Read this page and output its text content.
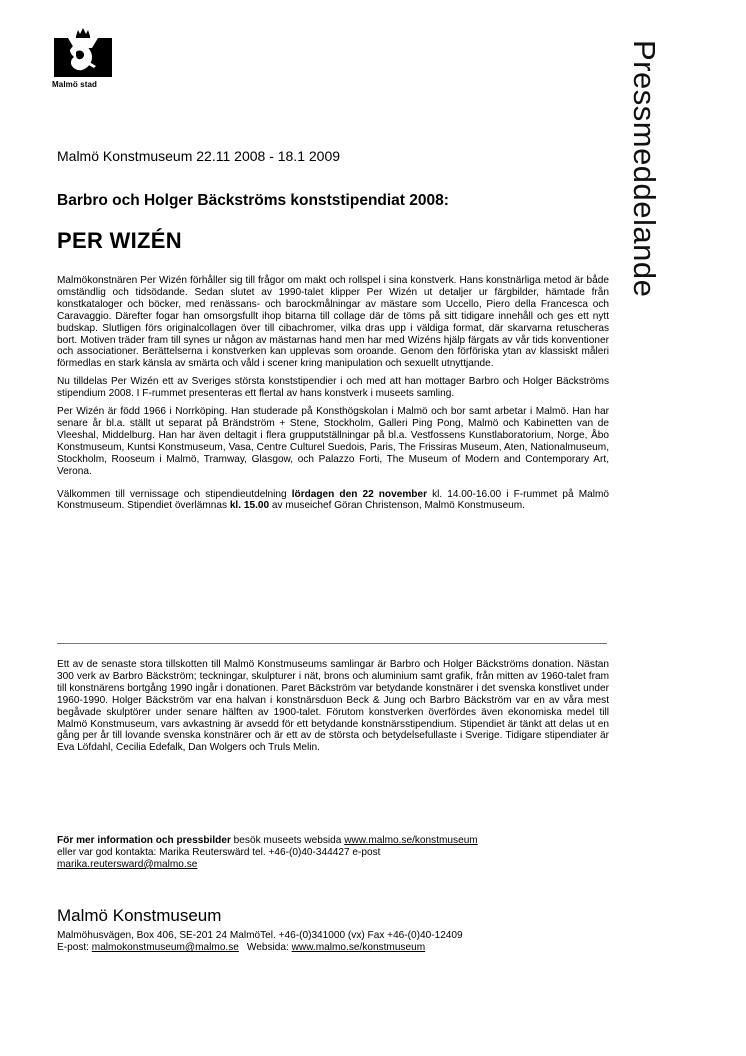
Malmö stad	Pressmeddelande
Malmö Konstmuseum 22.11 2008 - 18.1 2009
Barbro och Holger Bäckströms konststipendiat 2008:
PER WIZÉN

Malmökonstnären Per Wizén förhåller sig till frågor om makt och rollspel i sina konstverk. Hans konstnärliga metod är både omständlig och tidsödande. Sedan slutet av 1990-talet klipper Per Wizén ut detaljer ur färgbilder, hämtade från konstkataloger och böcker, med renässans- och barockmålningar av mästare som Uccello, Piero della Francesca och Caravaggio. Därefter fogar han omsorgsfullt ihop bitarna till collage där de töms på sitt tidigare innehåll och ges ett nytt budskap. Slutligen förs originalcollagen över till cibachromer, vilka dras upp i väldiga format, där skarvarna retuscheras bort. Motiven träder fram till synes ur någon av mästarnas hand men har med Wizéns hjälp färgats av vår tids konventioner och associationer. Berättelserna i konstverken kan upplevas som oroande. Genom den förföriska ytan av klassiskt måleri förmedlas en stark känsla av smärta och våld i scener kring manipulation och sexuellt utnyttjande.

Nu tilldelas Per Wizén ett av Sveriges största konststipendier i och med att han mottager Barbro och Holger Bäckströms stipendium 2008. I F-rummet presenteras ett flertal av hans konstverk i museets samling.

Per Wizén är född 1966 i Norrköping. Han studerade på Konsthögskolan i Malmö och bor samt arbetar i Malmö. Han har senare år bl.a. ställt ut separat på Brändström + Stene, Stockholm, Galleri Ping Pong, Malmö och Kabinetten van de Vleeshal, Middelburg. Han har även deltagit i flera grupputställningar på bl.a. Vestfossens Kunstlaboratorium, Norge, Åbo Konstmuseum, Kuntsi Konstmuseum, Vasa, Centre Culturel Suedois, Paris, The Frissiras Museum, Aten, Nationalmuseum, Stockholm, Rooseum i Malmö, Tramway, Glasgow, och Palazzo Forti, The Museum of Modern and Contemporary Art, Verona.

Välkommen till vernissage och stipendieutdelning lördagen den 22 november kl. 14.00-16.00 i F-rummet på Malmö Konstmuseum. Stipendiet överlämnas kl. 15.00 av museichef Göran Christenson, Malmö Konstmuseum.

Ett av de senaste stora tillskotten till Malmö Konstmuseums samlingar är Barbro och Holger Bäckströms donation. Nästan 300 verk av Barbro Bäckström; teckningar, skulpturer i nät, brons och aluminium samt grafik, från mitten av 1960-talet fram till konstnärens bortgång 1990 ingår i donationen. Paret Bäckström var betydande konstnärer i det svenska konstlivet under 1960-1990. Holger Bäckström var ena halvan i konstnärsduon Beck & Jung och Barbro Bäckström var en av våra mest begåvade skulptörer under senare hälften av 1900-talet. Förutom konstverken överfördes även ekonomiska medel till Malmö Konstmuseum, vars avkastning är avsedd för ett betydande konstnärsstipendium. Stipendiet är tänkt att delas ut en gång per år till lovande svenska konstnärer och är ett av de största och betydelsefullaste i Sverige. Tidigare stipendiater är Eva Löfdahl, Cecilia Edefalk, Dan Wolgers och Truls Melin.

För mer information och pressbilder besök museets websida www.malmo.se/konstmuseum

eller var god kontakta: Marika Reuterswärd tel. +46-(0)40-344427 e-post

marika.reutersward@malmo.se

Malmö Konstmuseum

Malmöhusvägen, Box 406, SE-201 24 MalmöTel. +46-(0)341000 (vx) Fax +46-(0)40-12409

E-post: malmokonstmuseum@malmo.se Websida: www.malmo.se/konstmuseum
